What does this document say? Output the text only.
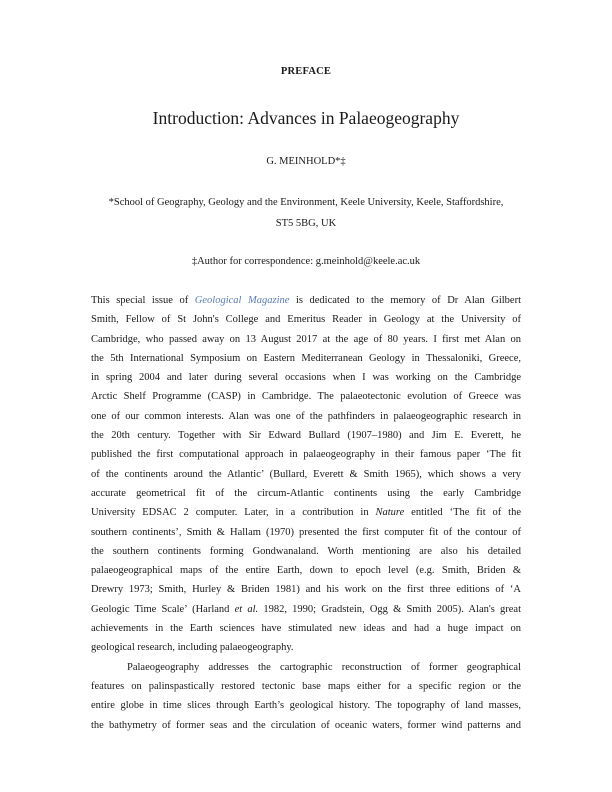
PREFACE
Introduction: Advances in Palaeogeography
G. MEINHOLD*‡
*School of Geography, Geology and the Environment, Keele University, Keele, Staffordshire,
ST5 5BG, UK
‡Author for correspondence: g.meinhold@keele.ac.uk

This special issue of Geological Magazine is dedicated to the memory of Dr Alan Gilbert
Smith, Fellow of St John's College and Emeritus Reader in Geology at the University of
Cambridge, who passed away on 13 August 2017 at the age of 80 years. I first met Alan on
the 5th International Symposium on Eastern Mediterranean Geology in Thessaloniki, Greece,
in spring 2004 and later during several occasions when I was working on the Cambridge
Arctic Shelf Programme (CASP) in Cambridge. The palaeotectonic evolution of Greece was
one of our common interests. Alan was one of the pathfinders in palaeogeographic research in
the 20th century. Together with Sir Edward Bullard (1907–1980) and Jim E. Everett, he
published the first computational approach in palaeogeography in their famous paper ‘The fit
of the continents around the Atlantic’ (Bullard, Everett & Smith 1965), which shows a very
accurate geometrical fit of the circum-Atlantic continents using the early Cambridge
University EDSAC 2 computer. Later, in a contribution in Nature entitled ‘The fit of the
southern continents’, Smith & Hallam (1970) presented the first computer fit of the contour of
the southern continents forming Gondwanaland. Worth mentioning are also his detailed
palaeogeographical maps of the entire Earth, down to epoch level (e.g. Smith, Briden &
Drewry 1973; Smith, Hurley & Briden 1981) and his work on the first three editions of ‘A
Geologic Time Scale’ (Harland et al. 1982, 1990; Gradstein, Ogg & Smith 2005). Alan's great
achievements in the Earth sciences have stimulated new ideas and had a huge impact on
geological research, including palaeogeography.

Palaeogeography addresses the cartographic reconstruction of former geographical
features on palinspastically restored tectonic base maps either for a specific region or the
entire globe in time slices through Earth’s geological history. The topography of land masses,
the bathymetry of former seas and the circulation of oceanic waters, former wind patterns and
